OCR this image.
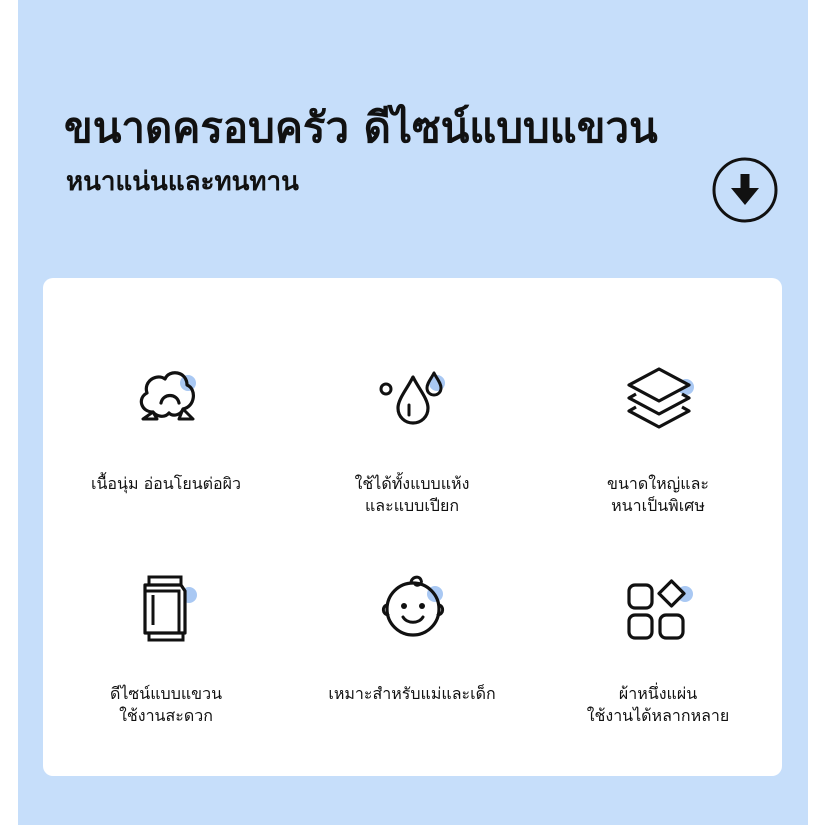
ขนาดครอบครัว ดีไซน์แบบแขวน
หนาแน่นและทนทาน
เนื้อนุ่ม อ่อนโยนต่อผิว	ใช้ได้ทั้งแบบแห้ง
และแบบเปียก
ขนาดใหญ่และ
หนาเป็นพิเศษ
ดีไซน์แบบแขวน
ใช้งานสะดวก
เหมาะสำหรับแม่และเด็ก	ผ้าหนึ่งแผ่น
ใช้งานได้หลากหลาย
